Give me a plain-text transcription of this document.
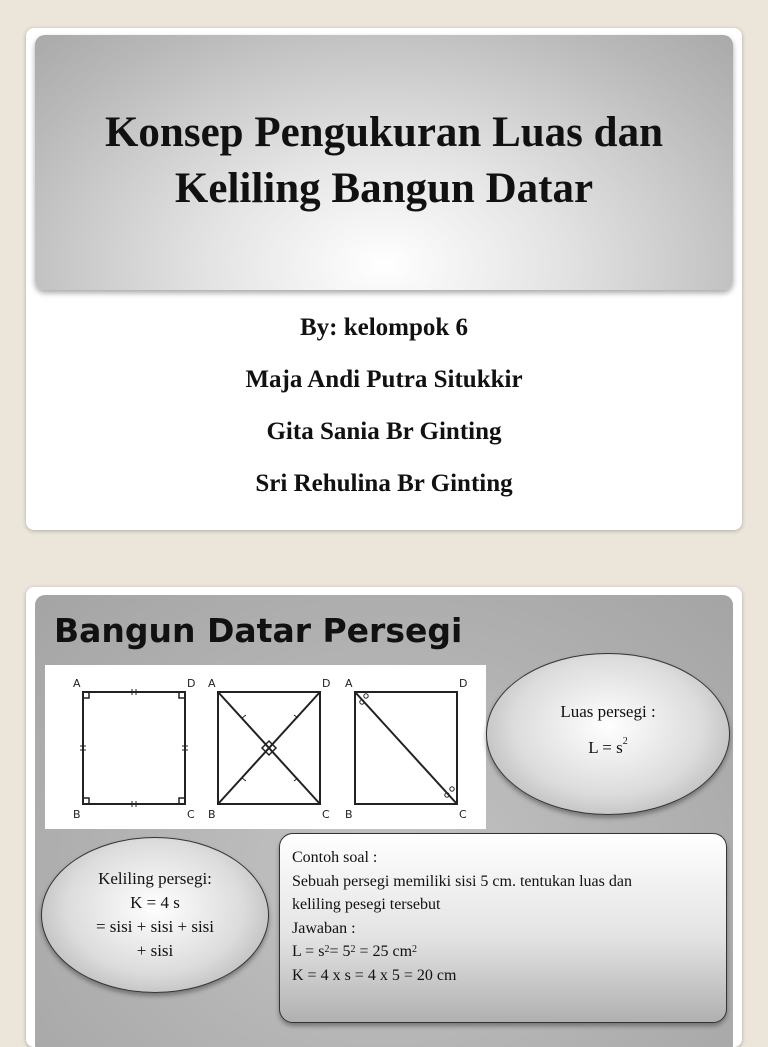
Konsep Pengukuran Luas dan
Keliling Bangun Datar
By: kelompok 6
Maja Andi Putra Situkkir
Gita Sania Br Ginting
Sri Rehulina Br Ginting
Bangun Datar Persegi
A	D
B	C
A	D
B	C
A	D
B	C
Luas persegi :
$L = s^2$
Keliling persegi:
K = 4 s
= sisi + sisi + sisi
+ sisi
Contoh soal :
Sebuah persegi memiliki sisi 5 cm. tentukan luas dan
keliling pesegi tersebut
Jawaban :
$L = s^2= 5^2 = 25$ $cm^2$
K = 4 x s = 4 x 5 = 20 cm
